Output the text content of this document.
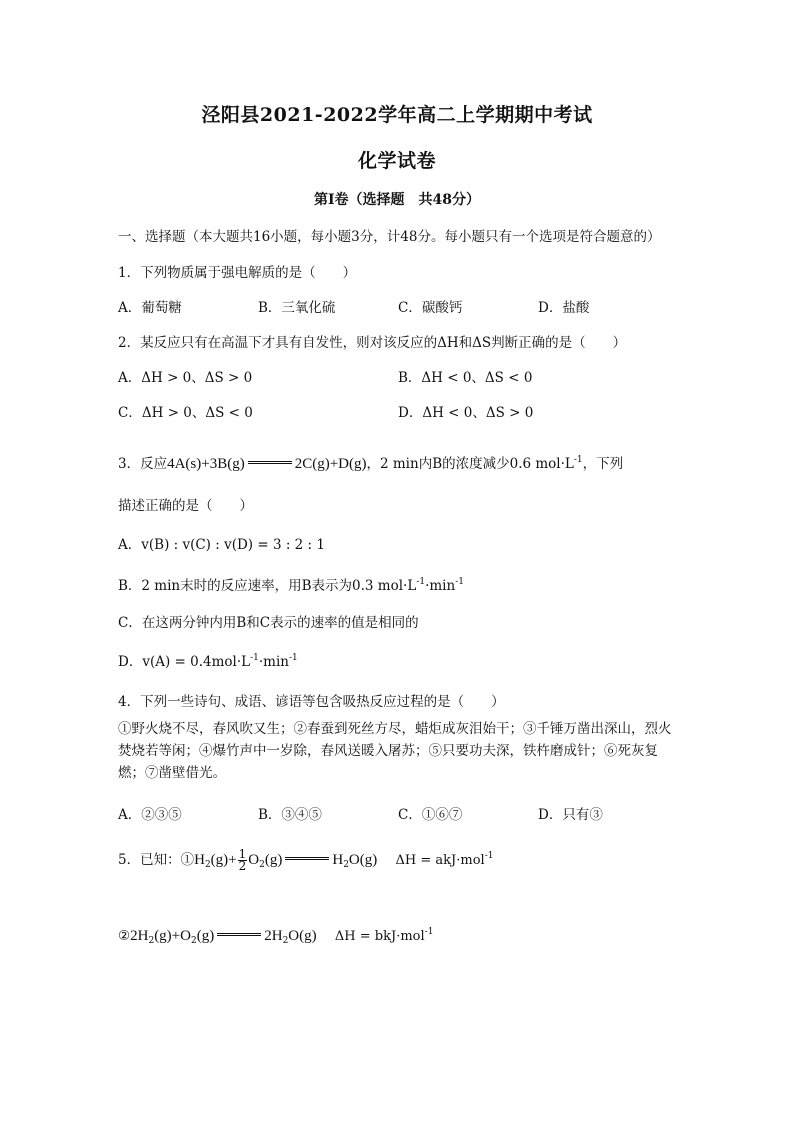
泾阳县2021-2022学年高二上学期期中考试
化学试卷
第Ⅰ卷（选择题　共48分）
一、选择题（本大题共16小题，每小题3分，计48分。每小题只有一个选项是符合题意的）
1．下列物质属于强电解质的是（　　）
A．葡萄糖	B．三氧化硫	C．碳酸钙	D．盐酸
2．某反应只有在高温下才具有自发性，则对该反应的ΔH和ΔS判断正确的是（　　）
A．ΔH > 0、ΔS > 0	B．ΔH < 0、ΔS < 0
C．ΔH > 0、ΔS < 0	D．ΔH < 0、ΔS > 0
3．反应4A(s)+3B(g)	2C(g)+D(g)，2 min内B的浓度减少0.6 $mol\cdot L^{-1}$，下列
描述正确的是（　　）
A．v(B) : v(C) : v(D) = 3 : 2 : 1
B．2 min末时的反应速率，用B表示为0.3 $mol\cdot L^{-1}\cdot\min^{-1}$
C．在这两分钟内用B和C表示的速率的值是相同的
D．$v(A) = 0.4mol\cdot L^{-1}\cdot\min^{-1}$
4．下列一些诗句、成语、谚语等包含吸热反应过程的是（　　）
①野火烧不尽，春风吹又生；②春蚕到死丝方尽，蜡炬成灰泪始干；③千锤万凿出深山，烈火焚烧若等闲；④爆竹声中一岁除，春风送暖入屠苏；⑤只要功夫深，铁杵磨成针；⑥死灰复燃；⑦凿壁借光。
A．②③⑤	B．③④⑤	C．①⑥⑦	D．只有③
5．已知：$①H_2(g)+ \frac{1}{2} O_2(g)$	$H_2O(g) \Delta H = akJ\cdot mol^{-1}$
$②2H_2(g)+O_2(g)$	$2H_2O(g) \Delta H = bkJ\cdot mol^{-1}$
